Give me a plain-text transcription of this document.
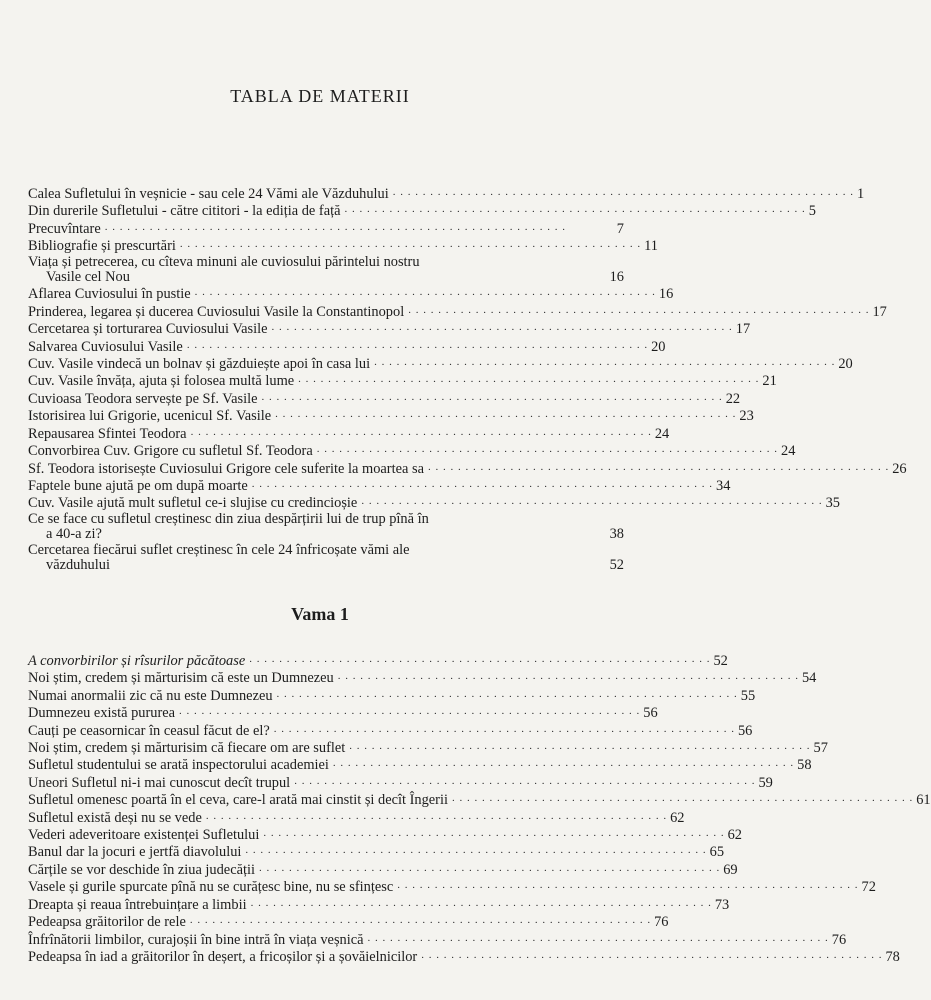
TABLA DE MATERII
Calea Sufletului în veșnicie - sau cele 24 Vămi ale Văzduhului . . . . . . . . . . . . . . . . . . . . . . . . . . . . . . . . . . . . . . . . . . . . . . . . . . . . . . . . . . . . . . 1
Din durerile Sufletului - către cititori - la ediția de față . . . . . . . . . . . . . . . . . . . . . . . . . . . . . . . . . . . . . . . . . . . . . . . . . . . . . . . . . . . . . . 5
Precuvîntare . . . . . . . . . . . . . . . . . . . . . . . . . . . . . . . . . . . . . . . . . . . . . . . . . . . . . . . . . . . . . .	7
Bibliografie și prescurtări . . . . . . . . . . . . . . . . . . . . . . . . . . . . . . . . . . . . . . . . . . . . . . . . . . . . . . . . . . . . . . 11
Viața și petrecerea, cu cîteva minuni ale cuviosului părintelui nostru
Vasile cel Nou	16
Aflarea Cuviosului în pustie . . . . . . . . . . . . . . . . . . . . . . . . . . . . . . . . . . . . . . . . . . . . . . . . . . . . . . . . . . . . . . 16
Prinderea, legarea și ducerea Cuviosului Vasile la Constantinopol . . . . . . . . . . . . . . . . . . . . . . . . . . . . . . . . . . . . . . . . . . . . . . . . . . . . . . . . . . . . . . 17
Cercetarea și torturarea Cuviosului Vasile . . . . . . . . . . . . . . . . . . . . . . . . . . . . . . . . . . . . . . . . . . . . . . . . . . . . . . . . . . . . . . 17
Salvarea Cuviosului Vasile . . . . . . . . . . . . . . . . . . . . . . . . . . . . . . . . . . . . . . . . . . . . . . . . . . . . . . . . . . . . . . 20
Cuv. Vasile vindecă un bolnav și găzduiește apoi în casa lui . . . . . . . . . . . . . . . . . . . . . . . . . . . . . . . . . . . . . . . . . . . . . . . . . . . . . . . . . . . . . . 20
Cuv. Vasile învăța, ajuta și folosea multă lume . . . . . . . . . . . . . . . . . . . . . . . . . . . . . . . . . . . . . . . . . . . . . . . . . . . . . . . . . . . . . . 21
Cuvioasa Teodora servește pe Sf. Vasile . . . . . . . . . . . . . . . . . . . . . . . . . . . . . . . . . . . . . . . . . . . . . . . . . . . . . . . . . . . . . . 22
Istorisirea lui Grigorie, ucenicul Sf. Vasile . . . . . . . . . . . . . . . . . . . . . . . . . . . . . . . . . . . . . . . . . . . . . . . . . . . . . . . . . . . . . . 23
Repausarea Sfintei Teodora . . . . . . . . . . . . . . . . . . . . . . . . . . . . . . . . . . . . . . . . . . . . . . . . . . . . . . . . . . . . . . 24
Convorbirea Cuv. Grigore cu sufletul Sf. Teodora . . . . . . . . . . . . . . . . . . . . . . . . . . . . . . . . . . . . . . . . . . . . . . . . . . . . . . . . . . . . . . 24
Sf. Teodora istorisește Cuviosului Grigore cele suferite la moartea sa . . . . . . . . . . . . . . . . . . . . . . . . . . . . . . . . . . . . . . . . . . . . . . . . . . . . . . . . . . . . . . 26
Faptele bune ajută pe om după moarte . . . . . . . . . . . . . . . . . . . . . . . . . . . . . . . . . . . . . . . . . . . . . . . . . . . . . . . . . . . . . . 34
Cuv. Vasile ajută mult sufletul ce-i slujise cu credincioșie . . . . . . . . . . . . . . . . . . . . . . . . . . . . . . . . . . . . . . . . . . . . . . . . . . . . . . . . . . . . . . 35
Ce se face cu sufletul creștinesc din ziua despărțirii lui de trup pînă în
a 40-a zi?	38
Cercetarea fiecărui suflet creștinesc în cele 24 înfricoșate vămi ale
văzduhului	52
Vama 1
A convorbirilor și rîsurilor păcătoase . . . . . . . . . . . . . . . . . . . . . . . . . . . . . . . . . . . . . . . . . . . . . . . . . . . . . . . . . . . . . . 52
Noi știm, credem și mărturisim că este un Dumnezeu . . . . . . . . . . . . . . . . . . . . . . . . . . . . . . . . . . . . . . . . . . . . . . . . . . . . . . . . . . . . . . 54
Numai anormalii zic că nu este Dumnezeu . . . . . . . . . . . . . . . . . . . . . . . . . . . . . . . . . . . . . . . . . . . . . . . . . . . . . . . . . . . . . . 55
Dumnezeu există pururea . . . . . . . . . . . . . . . . . . . . . . . . . . . . . . . . . . . . . . . . . . . . . . . . . . . . . . . . . . . . . . 56
Cauți pe ceasornicar în ceasul făcut de el? . . . . . . . . . . . . . . . . . . . . . . . . . . . . . . . . . . . . . . . . . . . . . . . . . . . . . . . . . . . . . . 56
Noi știm, credem și mărturisim că fiecare om are suflet . . . . . . . . . . . . . . . . . . . . . . . . . . . . . . . . . . . . . . . . . . . . . . . . . . . . . . . . . . . . . . 57
Sufletul studentului se arată inspectorului academiei . . . . . . . . . . . . . . . . . . . . . . . . . . . . . . . . . . . . . . . . . . . . . . . . . . . . . . . . . . . . . . 58
Uneori Sufletul ni-i mai cunoscut decît trupul . . . . . . . . . . . . . . . . . . . . . . . . . . . . . . . . . . . . . . . . . . . . . . . . . . . . . . . . . . . . . . 59
Sufletul omenesc poartă în el ceva, care-l arată mai cinstit și decît Îngerii . . . . . . . . . . . . . . . . . . . . . . . . . . . . . . . . . . . . . . . . . . . . . . . . . . . . . . . . . . . . . . 61
Sufletul există deși nu se vede . . . . . . . . . . . . . . . . . . . . . . . . . . . . . . . . . . . . . . . . . . . . . . . . . . . . . . . . . . . . . . 62
Vederi adeveritoare existenței Sufletului . . . . . . . . . . . . . . . . . . . . . . . . . . . . . . . . . . . . . . . . . . . . . . . . . . . . . . . . . . . . . . 62
Banul dar la jocuri e jertfă diavolului . . . . . . . . . . . . . . . . . . . . . . . . . . . . . . . . . . . . . . . . . . . . . . . . . . . . . . . . . . . . . . 65
Cărțile se vor deschide în ziua judecății . . . . . . . . . . . . . . . . . . . . . . . . . . . . . . . . . . . . . . . . . . . . . . . . . . . . . . . . . . . . . . 69
Vasele și gurile spurcate pînă nu se curățesc bine, nu se sfințesc . . . . . . . . . . . . . . . . . . . . . . . . . . . . . . . . . . . . . . . . . . . . . . . . . . . . . . . . . . . . . . 72
Dreapta și reaua întrebuințare a limbii . . . . . . . . . . . . . . . . . . . . . . . . . . . . . . . . . . . . . . . . . . . . . . . . . . . . . . . . . . . . . . 73
Pedeapsa grăitorilor de rele . . . . . . . . . . . . . . . . . . . . . . . . . . . . . . . . . . . . . . . . . . . . . . . . . . . . . . . . . . . . . . 76
Înfrînătorii limbilor, curajoșii în bine intră în viața veșnică . . . . . . . . . . . . . . . . . . . . . . . . . . . . . . . . . . . . . . . . . . . . . . . . . . . . . . . . . . . . . . 76
Pedeapsa în iad a grăitorilor în deșert, a fricoșilor și a șovăielnicilor . . . . . . . . . . . . . . . . . . . . . . . . . . . . . . . . . . . . . . . . . . . . . . . . . . . . . . . . . . . . . . 78
